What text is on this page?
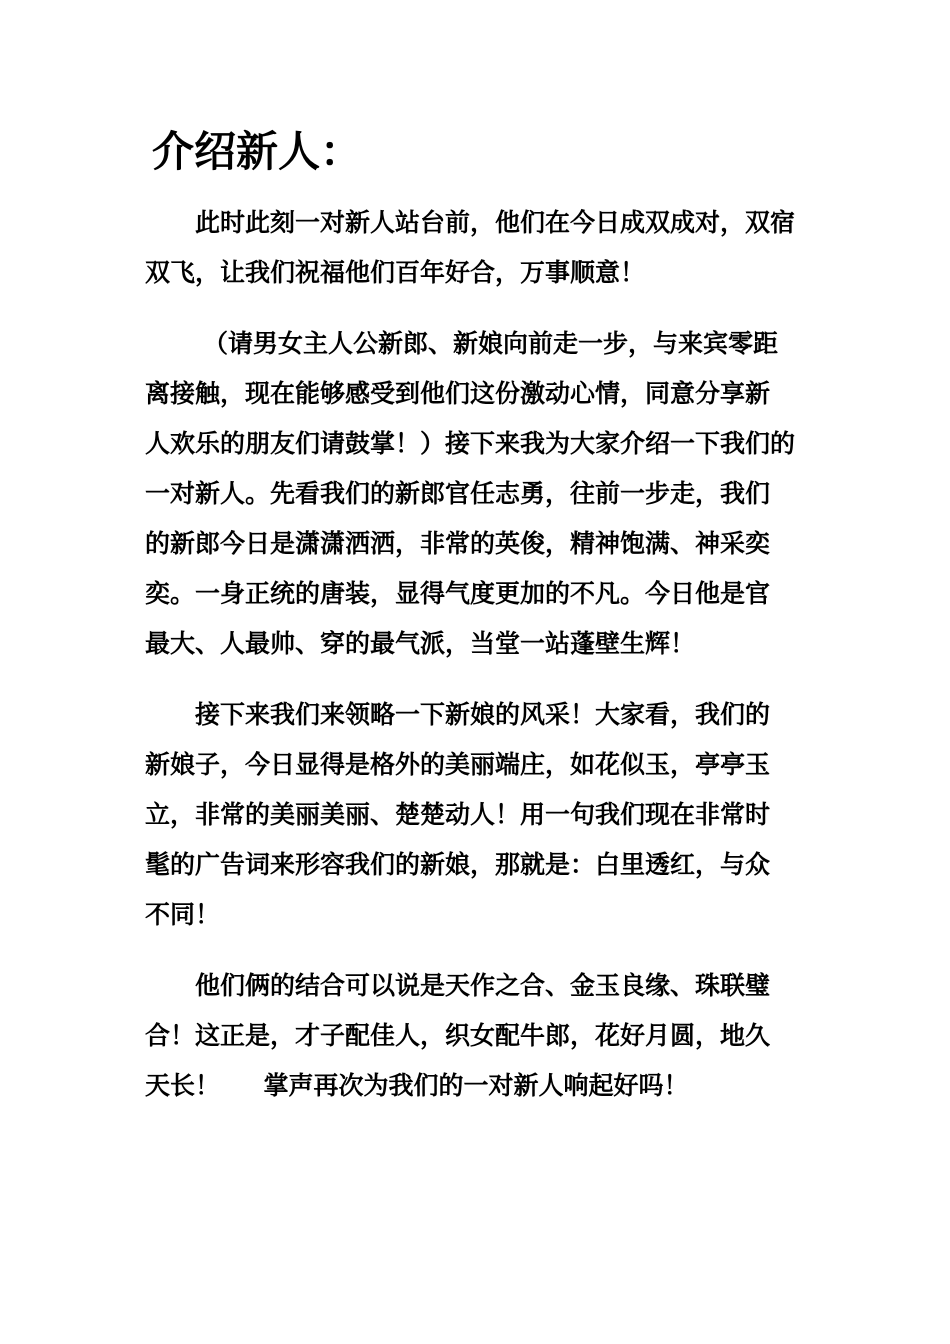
介绍新人：
此时此刻一对新人站台前，他们在今日成双成对，双宿
双飞，让我们祝福他们百年好合，万事顺意！
（请男女主人公新郎、新娘向前走一步，与来宾零距
离接触，现在能够感受到他们这份激动心情，同意分享新
人欢乐的朋友们请鼓掌！）接下来我为大家介绍一下我们的
一对新人。先看我们的新郎官任志勇，往前一步走，我们
的新郎今日是潇潇洒洒，非常的英俊，精神饱满、神采奕
奕。一身正统的唐装，显得气度更加的不凡。今日他是官
最大、人最帅、穿的最气派，当堂一站蓬壁生辉！
接下来我们来领略一下新娘的风采！大家看，我们的
新娘子，今日显得是格外的美丽端庄，如花似玉，亭亭玉
立，非常的美丽美丽、楚楚动人！用一句我们现在非常时
髦的广告词来形容我们的新娘，那就是：白里透红，与众
不同！
他们俩的结合可以说是天作之合、金玉良缘、珠联璧
合！这正是，才子配佳人，织女配牛郎，花好月圆，地久
天长！     掌声再次为我们的一对新人响起好吗！
